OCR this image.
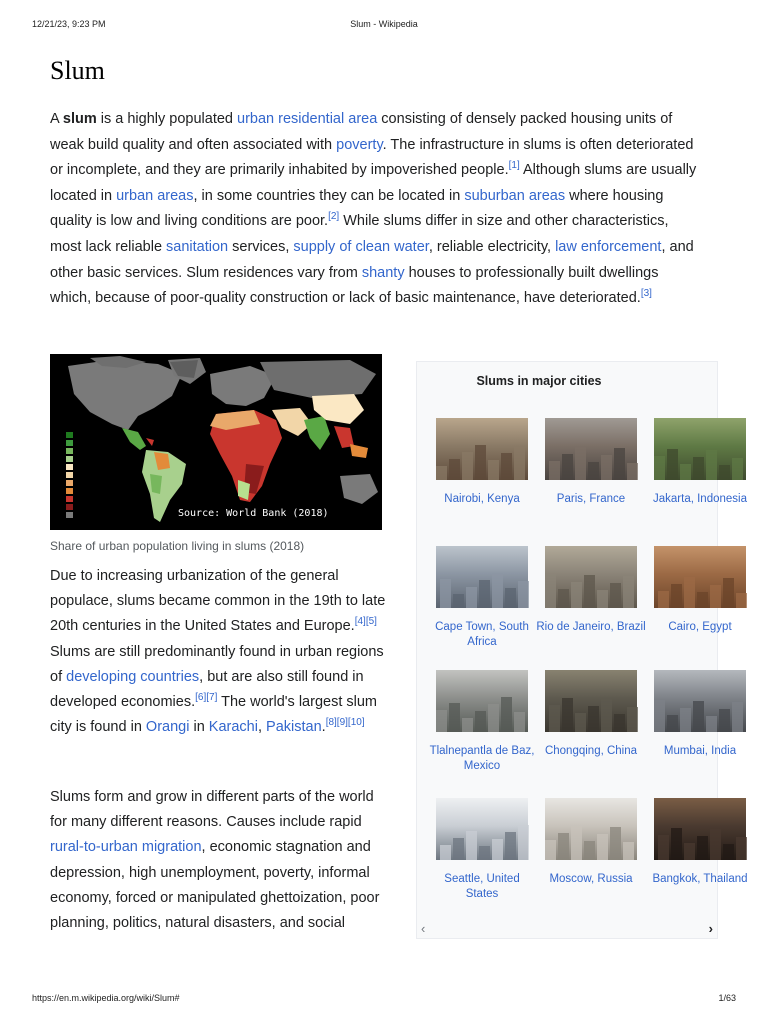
12/21/23, 9:23 PM	Slum - Wikipedia
Slum

A slum is a highly populated urban residential area consisting of densely packed housing units of weak build quality and often associated with poverty. The infrastructure in slums is often deteriorated or incomplete, and they are primarily inhabited by impoverished people.[1] Although slums are usually located in urban areas, in some countries they can be located in suburban areas where housing quality is low and living conditions are poor.[2] While slums differ in size and other characteristics, most lack reliable sanitation services, supply of clean water, reliable electricity, law enforcement, and other basic services. Slum residences vary from shanty houses to professionally built dwellings which, because of poor-quality construction or lack of basic maintenance, have deteriorated.[3]

Source: World Bank (2018)
Share of urban population living in slums (2018)

Due to increasing urbanization of the general populace, slums became common in the 19th to late 20th centuries in the United States and Europe.[4][5] Slums are still predominantly found in urban regions of developing countries, but are also still found in developed economies.[6][7] The world's largest slum city is found in Orangi in Karachi, Pakistan.[8][9][10]

Slums form and grow in different parts of the world for many different reasons. Causes include rapid rural-to-urban migration, economic stagnation and depression, high unemployment, poverty, informal economy, forced or manipulated ghettoization, poor planning, politics, natural disasters, and social

Slums in major cities
Nairobi, Kenya	Paris, France	Jakarta, Indonesia
Cape Town, South Africa
Rio de Janeiro, Brazil	Cairo, Egypt
Tlalnepantla de Baz, Mexico
Chongqing, China	Mumbai, India
Seattle, United States
Moscow, Russia	Bangkok, Thailand
‹	›
https://en.m.wikipedia.org/wiki/Slum#	1/63
